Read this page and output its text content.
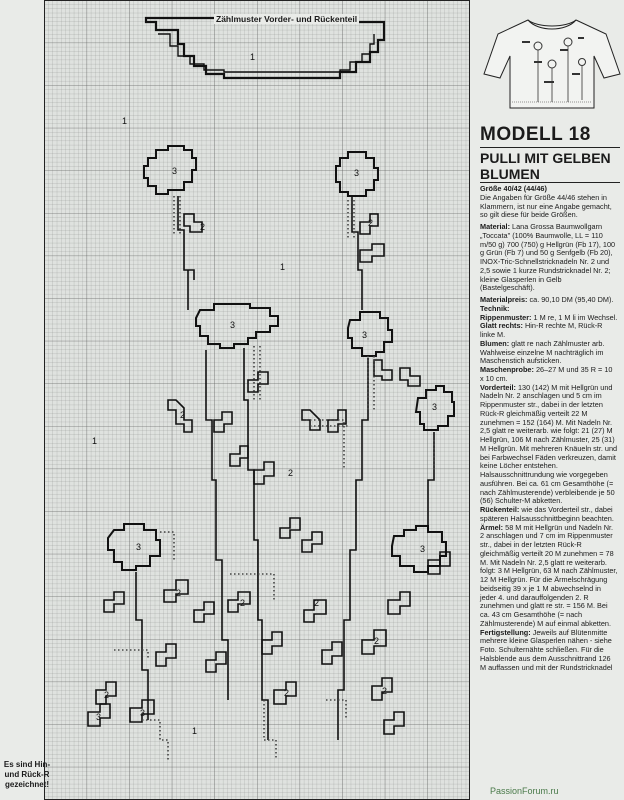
1
1
3	3
2	2
1
3
3
3
2
1
2
3	3
2
2	2
2
2
3
2	2
3
1
Zählmuster Vorder- und Rückenteil
Es sind Hin- und Rück-R gezeichnet!
MODELL 18
PULLI MIT GELBEN BLUMEN

Größe 40/42 (44/46)
Die Angaben für Größe 44/46 stehen in Klammern, ist nur eine Angabe gemacht, so gilt diese für beide Größen.

Material: Lana Grossa Baumwollgarn „Toccata" (100% Baumwolle, LL = 110 m/50 g) 700 (750) g Hellgrün (Fb 17), 100 g Grün (Fb 7) und 50 g Senfgelb (Fb 20), INOX-Tric-Schnellstricknadeln Nr. 2 und 2,5 sowie 1 kurze Rundstricknadel Nr. 2; kleine Glasperlen in Gelb (Bastelgeschäft).

Materialpreis: ca. 90,10 DM (95,40 DM).

Technik:

Rippenmuster: 1 M re, 1 M li im Wechsel.

Glatt rechts: Hin-R rechte M, Rück-R linke M.

Blumen: glatt re nach Zählmuster arb. Wahlweise einzelne M nachträglich im Maschenstich aufsticken.

Maschenprobe: 26–27 M und 35 R = 10 x 10 cm.

Vorderteil: 130 (142) M mit Hellgrün und Nadeln Nr. 2 anschlagen und 5 cm im Rippenmuster str., dabei in der letzten Rück-R gleichmäßig verteilt 22 M zunehmen = 152 (164) M. Mit Nadeln Nr. 2,5 glatt re weiterarb. wie folgt: 21 (27) M Hellgrün, 106 M nach Zählmuster, 25 (31) M Hellgrün. Mit mehreren Knäueln str. und bei Farbwechsel Fäden verkreuzen, damit keine Löcher entstehen. Halsausschnittrundung wie vorgegeben ausführen. Bei ca. 61 cm Gesamthöhe (= nach Zählmusterende) verbleibende je 50 (56) Schulter-M abketten.

Rückenteil: wie das Vorderteil str., dabei späteren Halsausschnittbeginn beachten.

Ärmel: 58 M mit Hellgrün und Nadeln Nr. 2 anschlagen und 7 cm im Rippenmuster str., dabei in der letzten Rück-R gleichmäßig verteilt 20 M zunehmen = 78 M. Mit Nadeln Nr. 2,5 glatt re weiterarb. folgt: 3 M Hellgrün, 63 M nach Zählmuster, 12 M Hellgrün. Für die Ärmelschrägung beidseitig 39 x je 1 M abwechselnd in jeder 4. und darauffolgenden 2. R zunehmen und glatt re str. = 156 M. Bei ca. 43 cm Gesamthöhe (= nach Zählmusterende) M auf einmal abketten.

Fertigstellung: Jeweils auf Blütenmitte mehrere kleine Glasperlen nähen - siehe Foto. Schulternähte schließen. Für die Halsblende aus dem Ausschnittrand 126 M auffassen und mit der Rundstricknadel

PassionForum.ru
